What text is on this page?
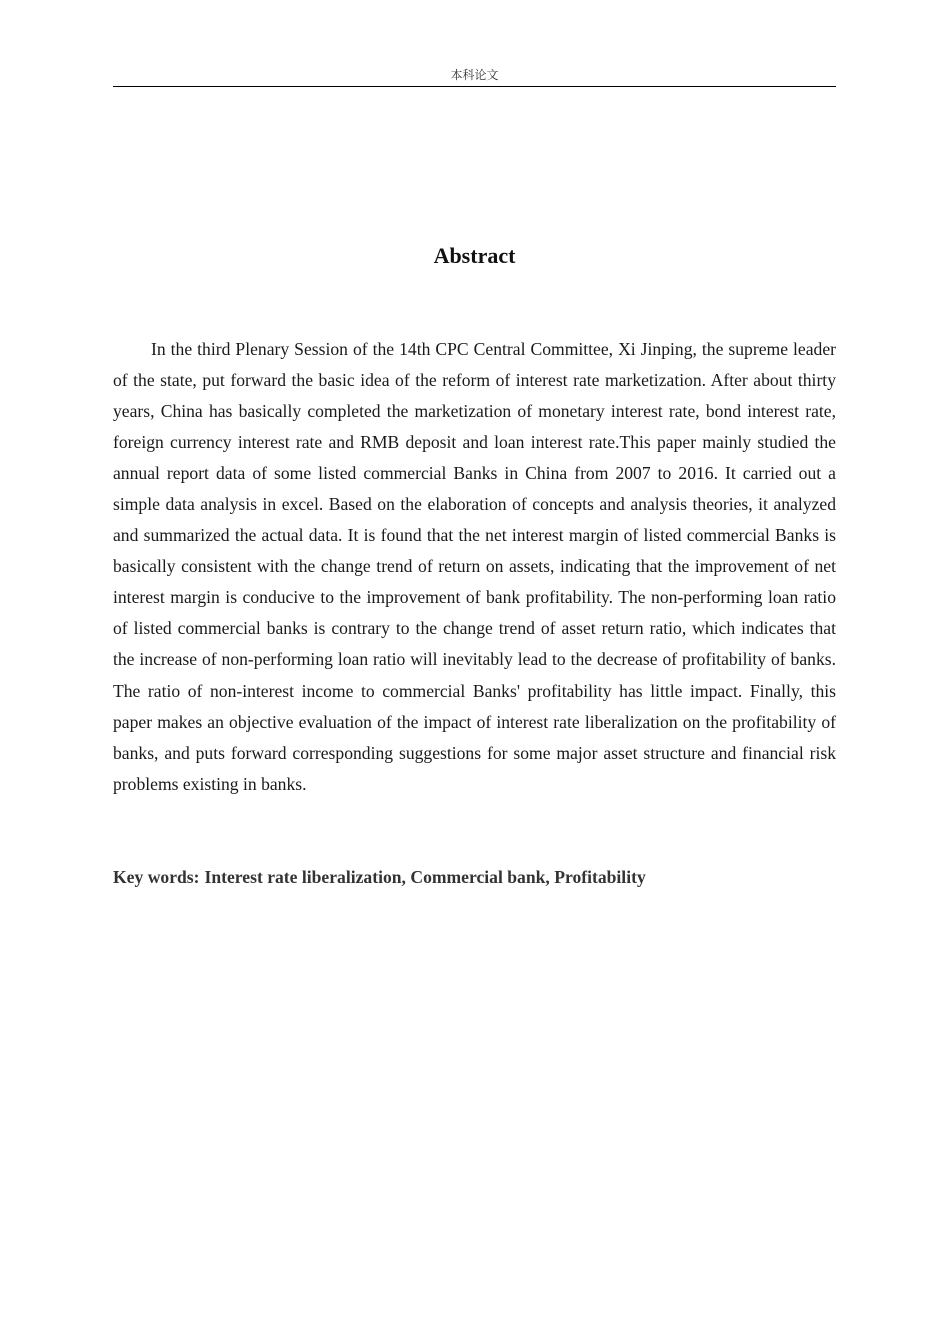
本科论文
Abstract

In the third Plenary Session of the 14th CPC Central Committee, Xi Jinping, the supreme leader of the state, put forward the basic idea of the reform of interest rate marketization. After about thirty years, China has basically completed the marketization of monetary interest rate, bond interest rate, foreign currency interest rate and RMB deposit and loan interest rate.This paper mainly studied the annual report data of some listed commercial Banks in China from 2007 to 2016. It carried out a simple data analysis in excel. Based on the elaboration of concepts and analysis theories, it analyzed and summarized the actual data. It is found that the net interest margin of listed commercial Banks is basically consistent with the change trend of return on assets, indicating that the improvement of net interest margin is conducive to the improvement of bank profitability. The non-performing loan ratio of listed commercial banks is contrary to the change trend of asset return ratio, which indicates that the increase of non-performing loan ratio will inevitably lead to the decrease of profitability of banks. The ratio of non-interest income to commercial Banks' profitability has little impact. Finally, this paper makes an objective evaluation of the impact of interest rate liberalization on the profitability of banks, and puts forward corresponding suggestions for some major asset structure and financial risk problems existing in banks.

Key words: Interest rate liberalization, Commercial bank, Profitability
